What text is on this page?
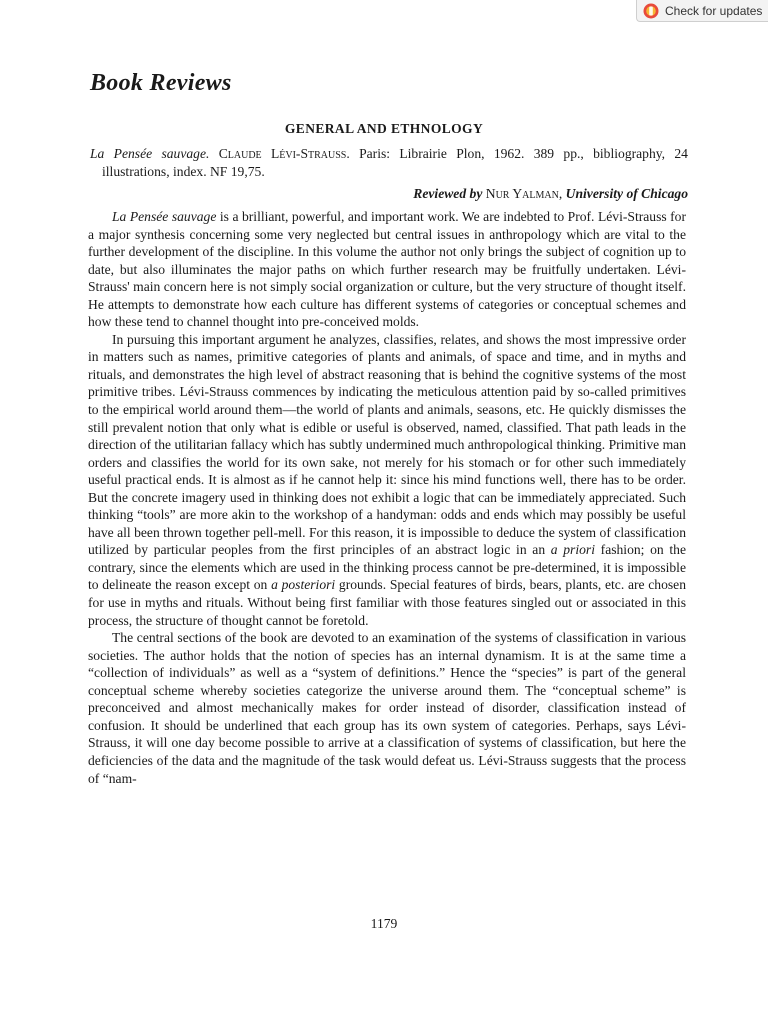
Check for updates
Book Reviews
GENERAL AND ETHNOLOGY
La Pensée sauvage. Claude Lévi-Strauss. Paris: Librairie Plon, 1962. 389 pp., bibliography, 24 illustrations, index. NF 19,75.
Reviewed by Nur Yalman, University of Chicago

La Pensée sauvage is a brilliant, powerful, and important work. We are indebted to Prof. Lévi-Strauss for a major synthesis concerning some very neglected but central issues in anthropology which are vital to the further development of the discipline. In this volume the author not only brings the subject of cognition up to date, but also illuminates the major paths on which further research may be fruitfully undertaken. Lévi-Strauss' main concern here is not simply social organization or culture, but the very structure of thought itself. He attempts to demonstrate how each culture has different systems of categories or conceptual schemes and how these tend to channel thought into pre-conceived molds.

In pursuing this important argument he analyzes, classifies, relates, and shows the most impressive order in matters such as names, primitive categories of plants and animals, of space and time, and in myths and rituals, and demonstrates the high level of abstract reasoning that is behind the cognitive systems of the most primitive tribes. Lévi-Strauss commences by indicating the meticulous attention paid by so-called primitives to the empirical world around them—the world of plants and animals, seasons, etc. He quickly dismisses the still prevalent notion that only what is edible or useful is observed, named, classified. That path leads in the direction of the utilitarian fallacy which has subtly undermined much anthropological thinking. Primitive man orders and classifies the world for its own sake, not merely for his stomach or for other such immediately useful practical ends. It is almost as if he cannot help it: since his mind functions well, there has to be order. But the concrete imagery used in thinking does not exhibit a logic that can be immediately appreciated. Such thinking “tools” are more akin to the workshop of a handyman: odds and ends which may possibly be useful have all been thrown together pell-mell. For this reason, it is impossible to deduce the system of classification utilized by particular peoples from the first principles of an abstract logic in an a priori fashion; on the contrary, since the elements which are used in the thinking process cannot be pre-determined, it is impossible to delineate the reason except on a posteriori grounds. Special features of birds, bears, plants, etc. are chosen for use in myths and rituals. Without being first familiar with those features singled out or associated in this process, the structure of thought cannot be foretold.

The central sections of the book are devoted to an examination of the systems of classification in various societies. The author holds that the notion of species has an internal dynamism. It is at the same time a “collection of individuals” as well as a “system of definitions.” Hence the “species” is part of the general conceptual scheme whereby societies categorize the universe around them. The “conceptual scheme” is preconceived and almost mechanically makes for order instead of disorder, classification instead of confusion. It should be underlined that each group has its own system of categories. Perhaps, says Lévi-Strauss, it will one day become possible to arrive at a classification of systems of classification, but here the deficiencies of the data and the magnitude of the task would defeat us. Lévi-Strauss suggests that the process of “nam-

1179
